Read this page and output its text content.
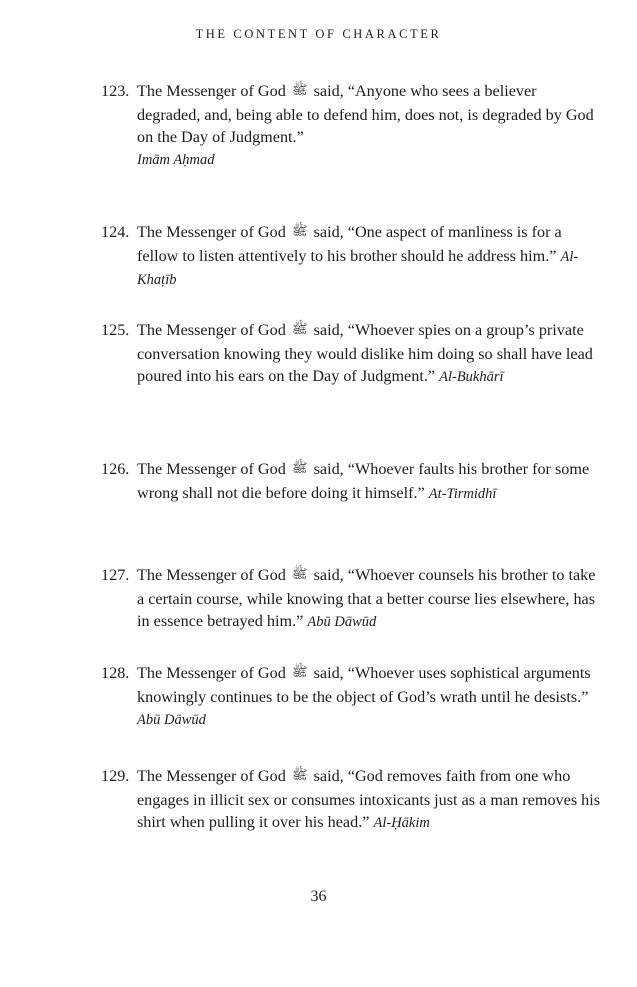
THE CONTENT OF CHARACTER
123. The Messenger of God ﷺ said, “Anyone who sees a believer degraded, and, being able to defend him, does not, is degraded by God on the Day of Judgment.”
Imām Aḥmad
124. The Messenger of God ﷺ said, “One aspect of manliness is for a fellow to listen attentively to his brother should he address him.” Al-Khaṭīb
125. The Messenger of God ﷺ said, “Whoever spies on a group’s private conversation knowing they would dislike him doing so shall have lead poured into his ears on the Day of Judgment.” Al-Bukhārī
126. The Messenger of God ﷺ said, “Whoever faults his brother for some wrong shall not die before doing it himself.” At-Tirmidhī
127. The Messenger of God ﷺ said, “Whoever counsels his brother to take a certain course, while knowing that a better course lies elsewhere, has in essence betrayed him.” Abū Dāwūd
128. The Messenger of God ﷺ said, “Whoever uses sophistical arguments knowingly continues to be the object of God’s wrath until he desists.” Abū Dāwūd
129. The Messenger of God ﷺ said, “God removes faith from one who engages in illicit sex or consumes intoxicants just as a man removes his shirt when pulling it over his head.” Al-Ḥākim
36
